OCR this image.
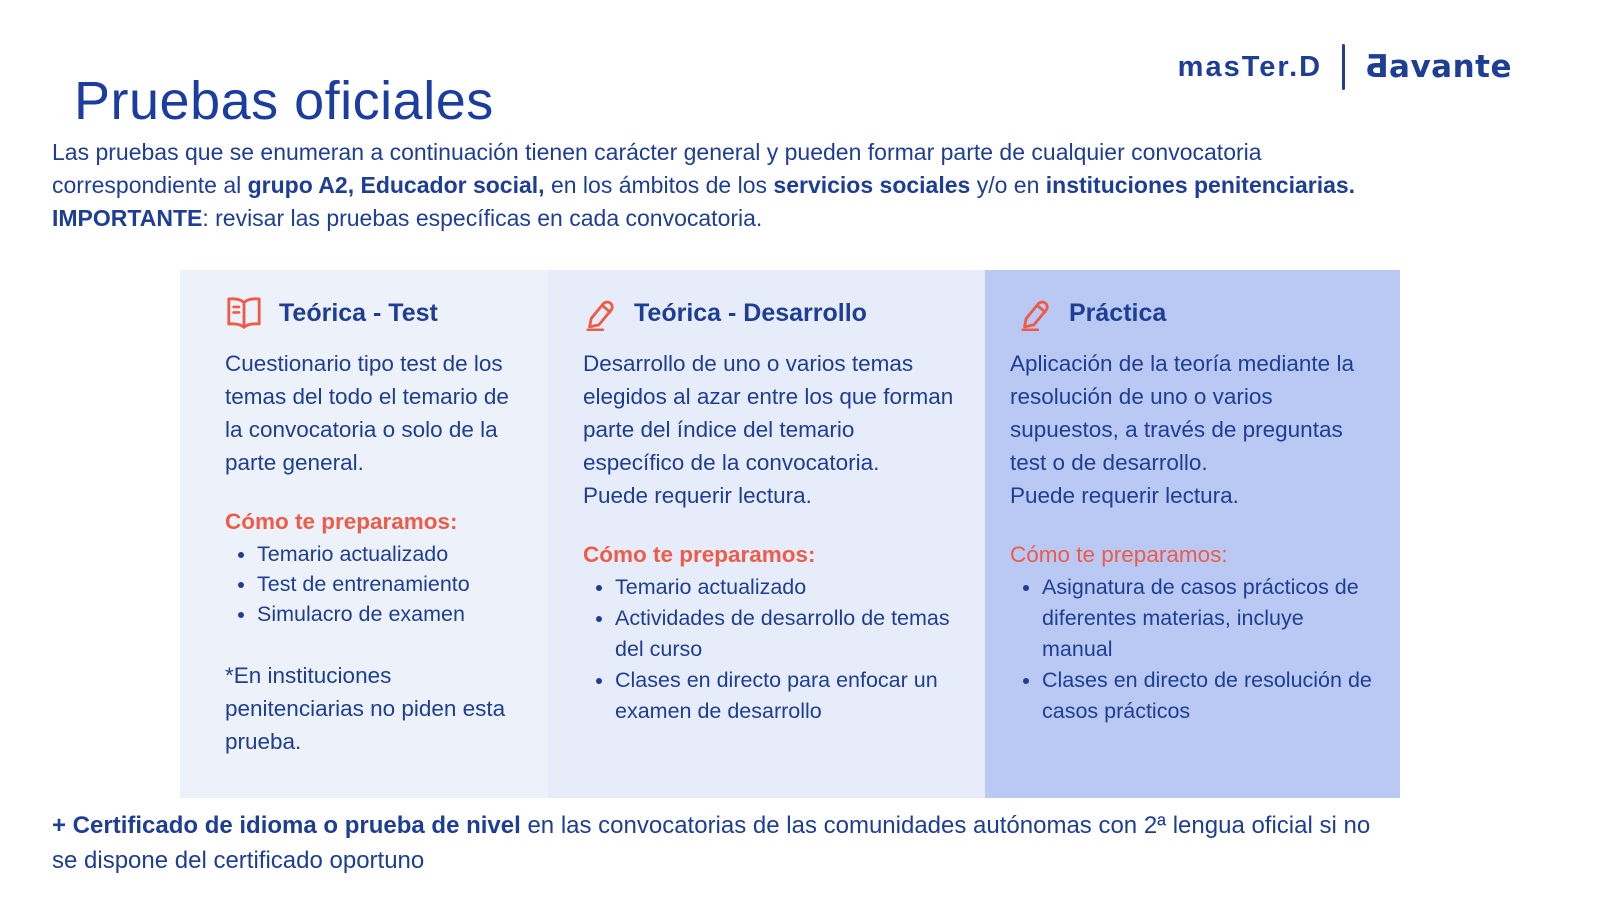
Pruebas oficiales
masTer.D Ƌavante
Las pruebas que se enumeran a continuación tienen carácter general y pueden formar parte de cualquier convocatoria
correspondiente al grupo A2, Educador social, en los ámbitos de los servicios sociales y/o en instituciones penitenciarias.
IMPORTANTE: revisar las pruebas específicas en cada convocatoria.
Teórica - Test

Cuestionario tipo test de los temas del todo el temario de la convocatoria o solo de la parte general.

Cómo te preparamos:
• Temario actualizado
• Test de entrenamiento
• Simulacro de examen

*En instituciones penitenciarias no piden esta prueba.

Teórica - Desarrollo

Desarrollo de uno o varios temas elegidos al azar entre los que forman parte del índice del temario específico de la convocatoria.
Puede requerir lectura.

Cómo te preparamos:
• Temario actualizado
• Actividades de desarrollo de temas del curso
• Clases en directo para enfocar un examen de desarrollo
Práctica

Aplicación de la teoría mediante la resolución de uno o varios supuestos, a través de preguntas test o de desarrollo.
Puede requerir lectura.

Cómo te preparamos:
• Asignatura de casos prácticos de diferentes materias, incluye manual
• Clases en directo de resolución de casos prácticos
+ Certificado de idioma o prueba de nivel en las convocatorias de las comunidades autónomas con 2ª lengua oficial si no
se dispone del certificado oportuno
